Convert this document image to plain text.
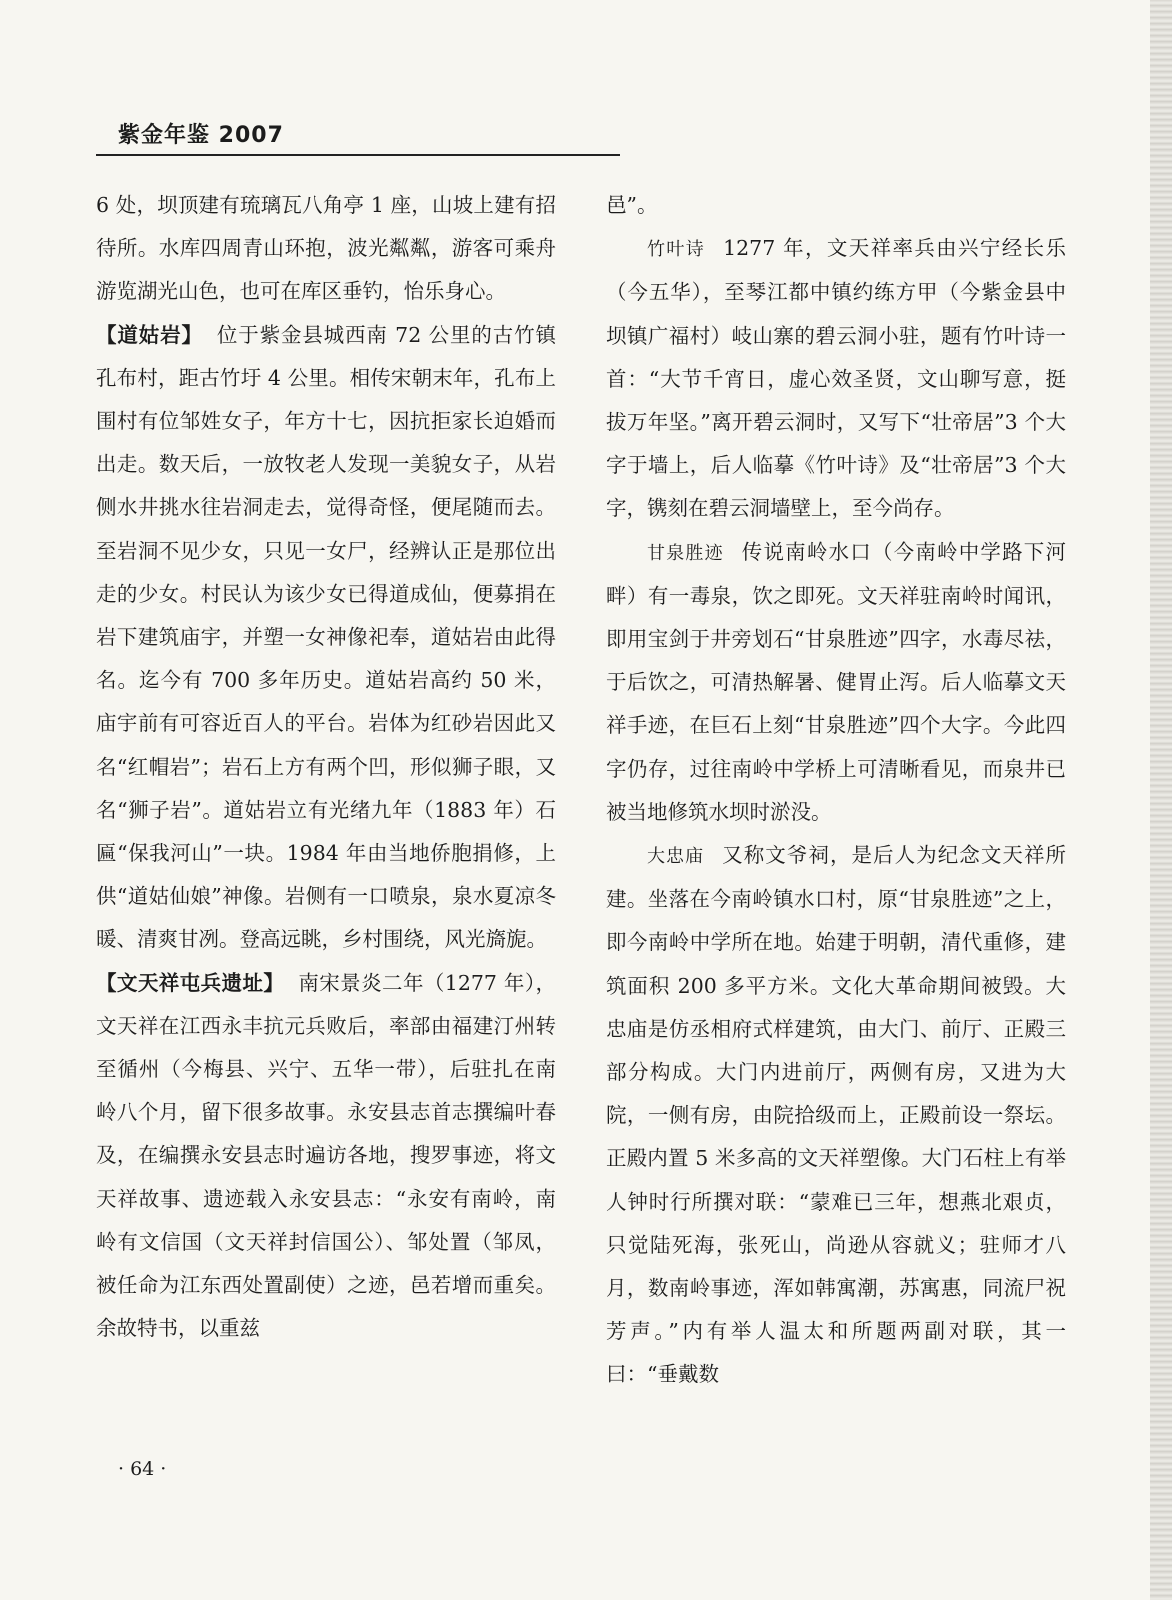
紫金年鉴 2007

6 处，坝顶建有琉璃瓦八角亭 1 座，山坡上建有招待所。水库四周青山环抱，波光粼粼，游客可乘舟游览湖光山色，也可在库区垂钓，怡乐身心。

【道姑岩】 位于紫金县城西南 72 公里的古竹镇孔布村，距古竹圩 4 公里。相传宋朝末年，孔布上围村有位邹姓女子，年方十七，因抗拒家长迫婚而出走。数天后，一放牧老人发现一美貌女子，从岩侧水井挑水往岩洞走去，觉得奇怪，便尾随而去。至岩洞不见少女，只见一女尸，经辨认正是那位出走的少女。村民认为该少女已得道成仙，便募捐在岩下建筑庙宇，并塑一女神像祀奉，道姑岩由此得名。迄今有 700 多年历史。道姑岩高约 50 米，庙宇前有可容近百人的平台。岩体为红砂岩因此又名“红帽岩”；岩石上方有两个凹，形似狮子眼，又名“狮子岩”。道姑岩立有光绪九年（1883 年）石匾“保我河山”一块。1984 年由当地侨胞捐修，上供“道姑仙娘”神像。岩侧有一口喷泉，泉水夏凉冬暖、清爽甘冽。登高远眺，乡村围绕，风光旖旎。

【文天祥屯兵遗址】 南宋景炎二年（1277 年），文天祥在江西永丰抗元兵败后，率部由福建汀州转至循州（今梅县、兴宁、五华一带），后驻扎在南岭八个月，留下很多故事。永安县志首志撰编叶春及，在编撰永安县志时遍访各地，搜罗事迹，将文天祥故事、遗迹载入永安县志：“永安有南岭，南岭有文信国（文天祥封信国公）、邹处置（邹凤，被任命为江东西处置副使）之迹，邑若增而重矣。余故特书，以重兹

邑”。

竹叶诗 1277 年，文天祥率兵由兴宁经长乐（今五华），至琴江都中镇约练方甲（今紫金县中坝镇广福村）岐山寨的碧云洞小驻，题有竹叶诗一首：“大节千宵日，虚心效圣贤，文山聊写意，挺拔万年坚。”离开碧云洞时，又写下“壮帝居”3 个大字于墙上，后人临摹《竹叶诗》及“壮帝居”3 个大字，镌刻在碧云洞墙壁上，至今尚存。

甘泉胜迹 传说南岭水口（今南岭中学路下河畔）有一毒泉，饮之即死。文天祥驻南岭时闻讯，即用宝剑于井旁划石“甘泉胜迹”四字，水毒尽祛，于后饮之，可清热解暑、健胃止泻。后人临摹文天祥手迹，在巨石上刻“甘泉胜迹”四个大字。今此四字仍存，过往南岭中学桥上可清晰看见，而泉井已被当地修筑水坝时淤没。

大忠庙 又称文爷祠，是后人为纪念文天祥所建。坐落在今南岭镇水口村，原“甘泉胜迹”之上，即今南岭中学所在地。始建于明朝，清代重修，建筑面积 200 多平方米。文化大革命期间被毁。大忠庙是仿丞相府式样建筑，由大门、前厅、正殿三部分构成。大门内进前厅，两侧有房，又进为大院，一侧有房，由院拾级而上，正殿前设一祭坛。正殿内置 5 米多高的文天祥塑像。大门石柱上有举人钟时行所撰对联：“蒙难已三年，想燕北艰贞，只觉陆死海，张死山，尚逊从容就义；驻师才八月，数南岭事迹，浑如韩寓潮，苏寓惠，同流尸祝芳声。”内有举人温太和所题两副对联，其一曰：“垂戴数

· 64 ·
